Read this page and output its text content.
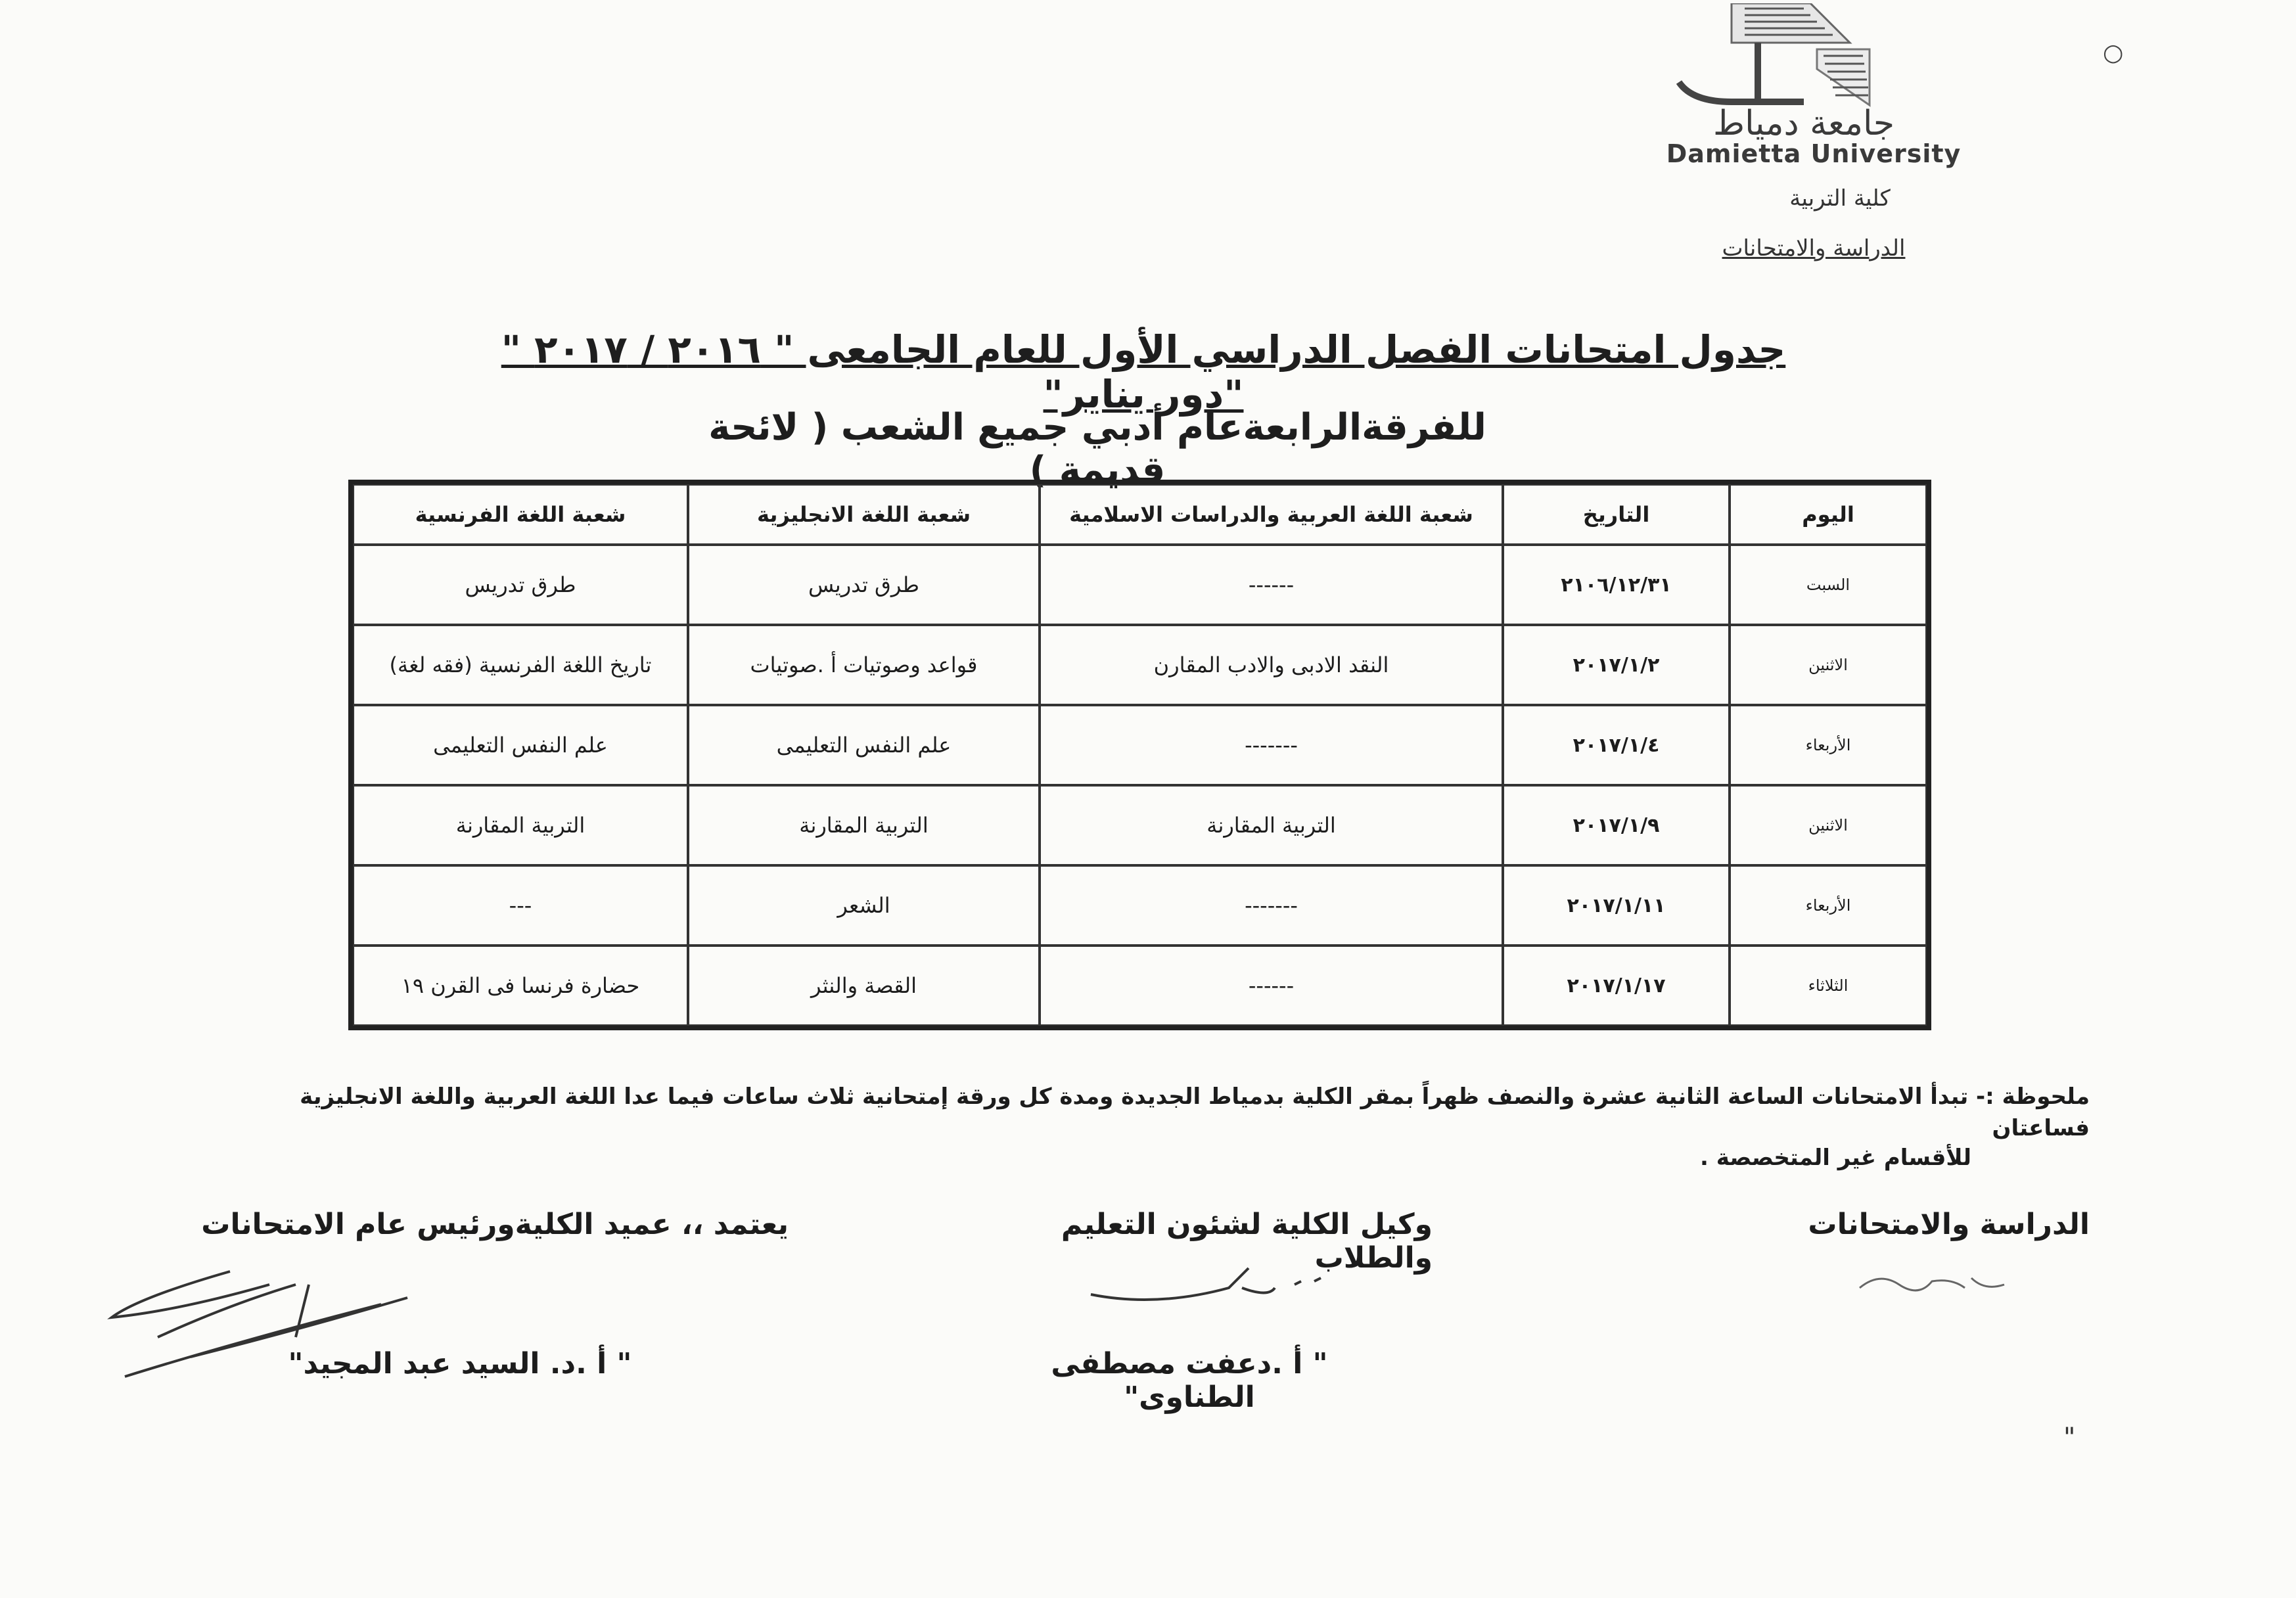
جامعة دمياط
Damietta University
كلية التربية
الدراسة والامتحانات
○
جدول امتحانات الفصل الدراسي الأول للعام الجامعى " ٢٠١٦ / ٢٠١٧ " "دور يناير"
للفرقةالرابعةعام أدبي جميع الشعب ( لائحة قديمة )
اليوم	التاريخ	شعبة اللغة العربية والدراسات الاسلامية	شعبة اللغة الانجليزية	شعبة اللغة الفرنسية
السبت	٢١٠٦/١٢/٣١	------	طرق تدريس	طرق تدريس
الاثنين	٢٠١٧/١/٢	النقد الادبى والادب المقارن	قواعد وصوتيات أ .صوتيات	تاريخ اللغة الفرنسية (فقه لغة)
الأربعاء	٢٠١٧/١/٤	-------	علم النفس التعليمى	علم النفس التعليمى
الاثنين	٢٠١٧/١/٩	التربية المقارنة	التربية المقارنة	التربية المقارنة
الأربعاء	٢٠١٧/١/١١	-------	الشعر	---
الثلاثاء	٢٠١٧/١/١٧	------	القصة والنثر	حضارة فرنسا فى القرن ١٩
ملحوظة :- تبدأ الامتحانات الساعة الثانية عشرة والنصف ظهراً بمقر الكلية بدمياط الجديدة ومدة كل ورقة إمتحانية ثلاث ساعات فيما عدا اللغة العربية واللغة الانجليزية فساعتان
للأقسام غير المتخصصة .
الدراسة والامتحانات
وكيل الكلية لشئون التعليم والطلاب
يعتمد ،، عميد الكليةورئيس عام الامتحانات
" أ .دعفت مصطفى الطناوى"
" أ .د. السيد عبد المجيد"
"
